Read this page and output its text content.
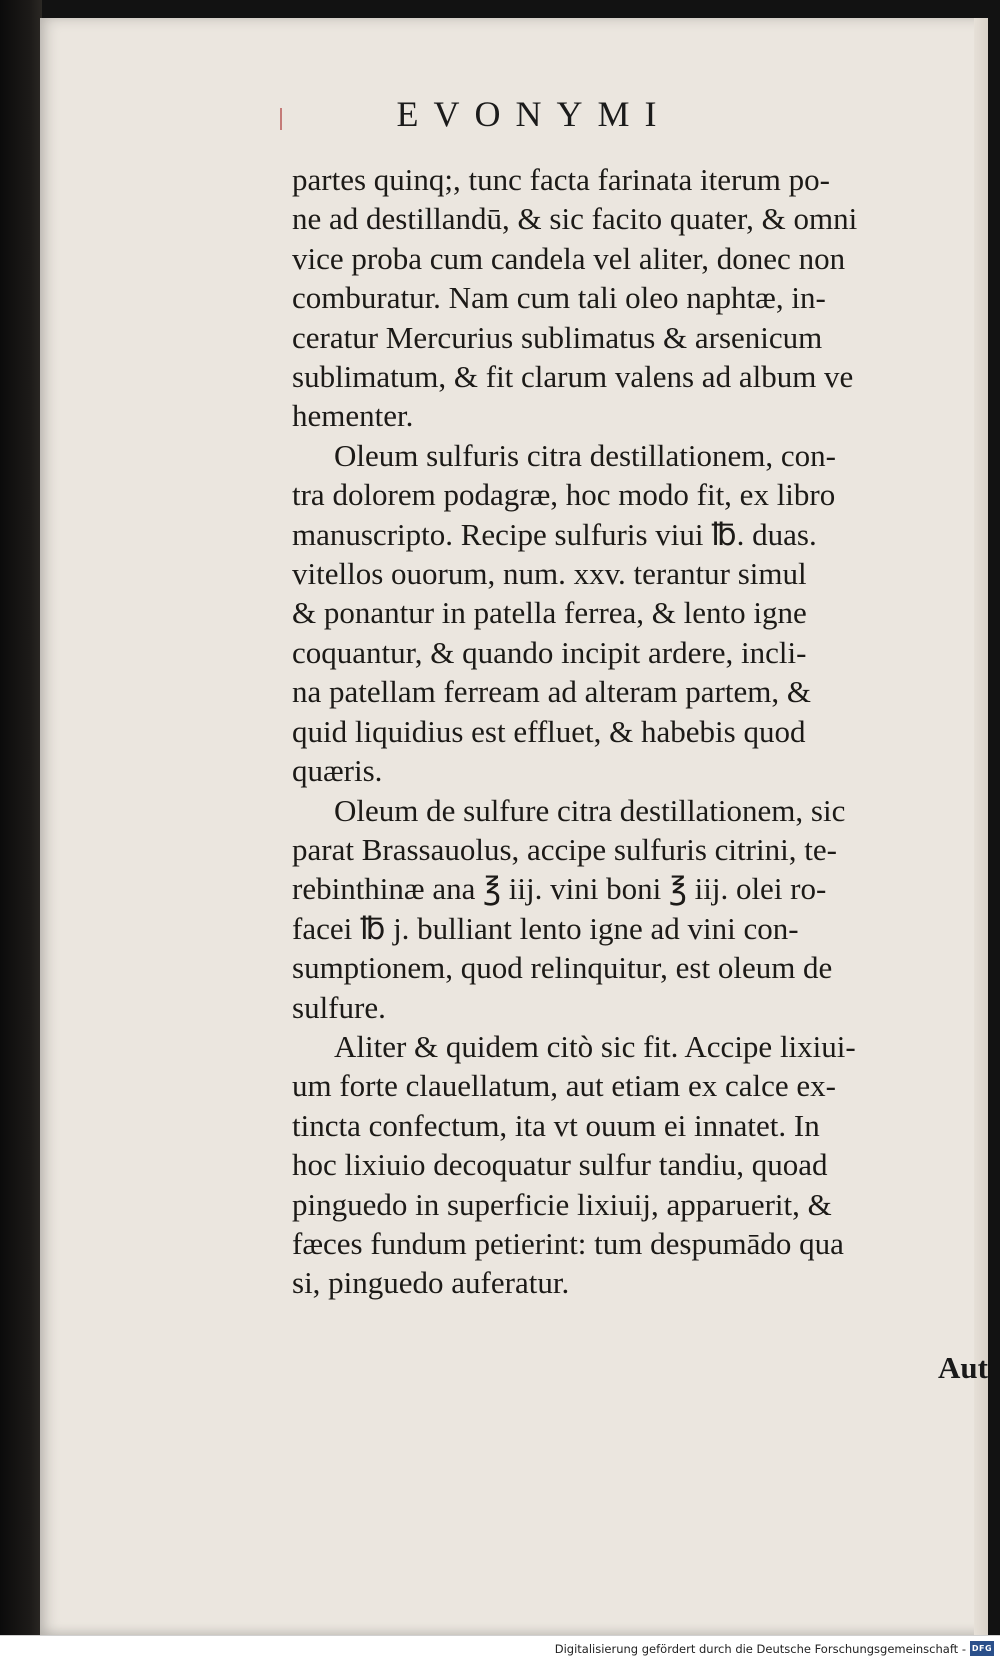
EVONYMI
partes quinq;, tunc facta farinata iterum po-
ne ad destillandū, & sic facito quater, & omni
vice proba cum candela vel aliter, donec non
comburatur. Nam cum tali oleo naphtæ, in-
ceratur Mercurius sublimatus & arsenicum
sublimatum, & fit clarum valens ad album ve
hementer.
Oleum sulfuris citra destillationem, con-
tra dolorem podagræ, hoc modo fit, ex libro
manuscripto. Recipe sulfuris viui ℔. duas.
vitellos ouorum, num. xxv. terantur simul
& ponantur in patella ferrea, & lento igne
coquantur, & quando incipit ardere, incli-
na patellam ferream ad alteram partem, &
quid liquidius est effluet, & habebis quod
quæris.
Oleum de sulfure citra destillationem, sic
parat Brassauolus, accipe sulfuris citrini, te-
rebinthinæ ana ℥ iij. vini boni ℥ iij. olei ro-
facei ℔ j. bulliant lento igne ad vini con-
sumptionem, quod relinquitur, est oleum de
sulfure.
Aliter & quidem citò sic fit. Accipe lixiui-
um forte clauellatum, aut etiam ex calce ex-
tincta confectum, ita vt ouum ei innatet. In
hoc lixiuio decoquatur sulfur tandiu, quoad
pinguedo in superficie lixiuij, apparuerit, &
fæces fundum petierint: tum despumādo qua
si, pinguedo auferatur.
Aut
Digitalisierung gefördert durch die Deutsche Forschungsgemeinschaft - DFG
